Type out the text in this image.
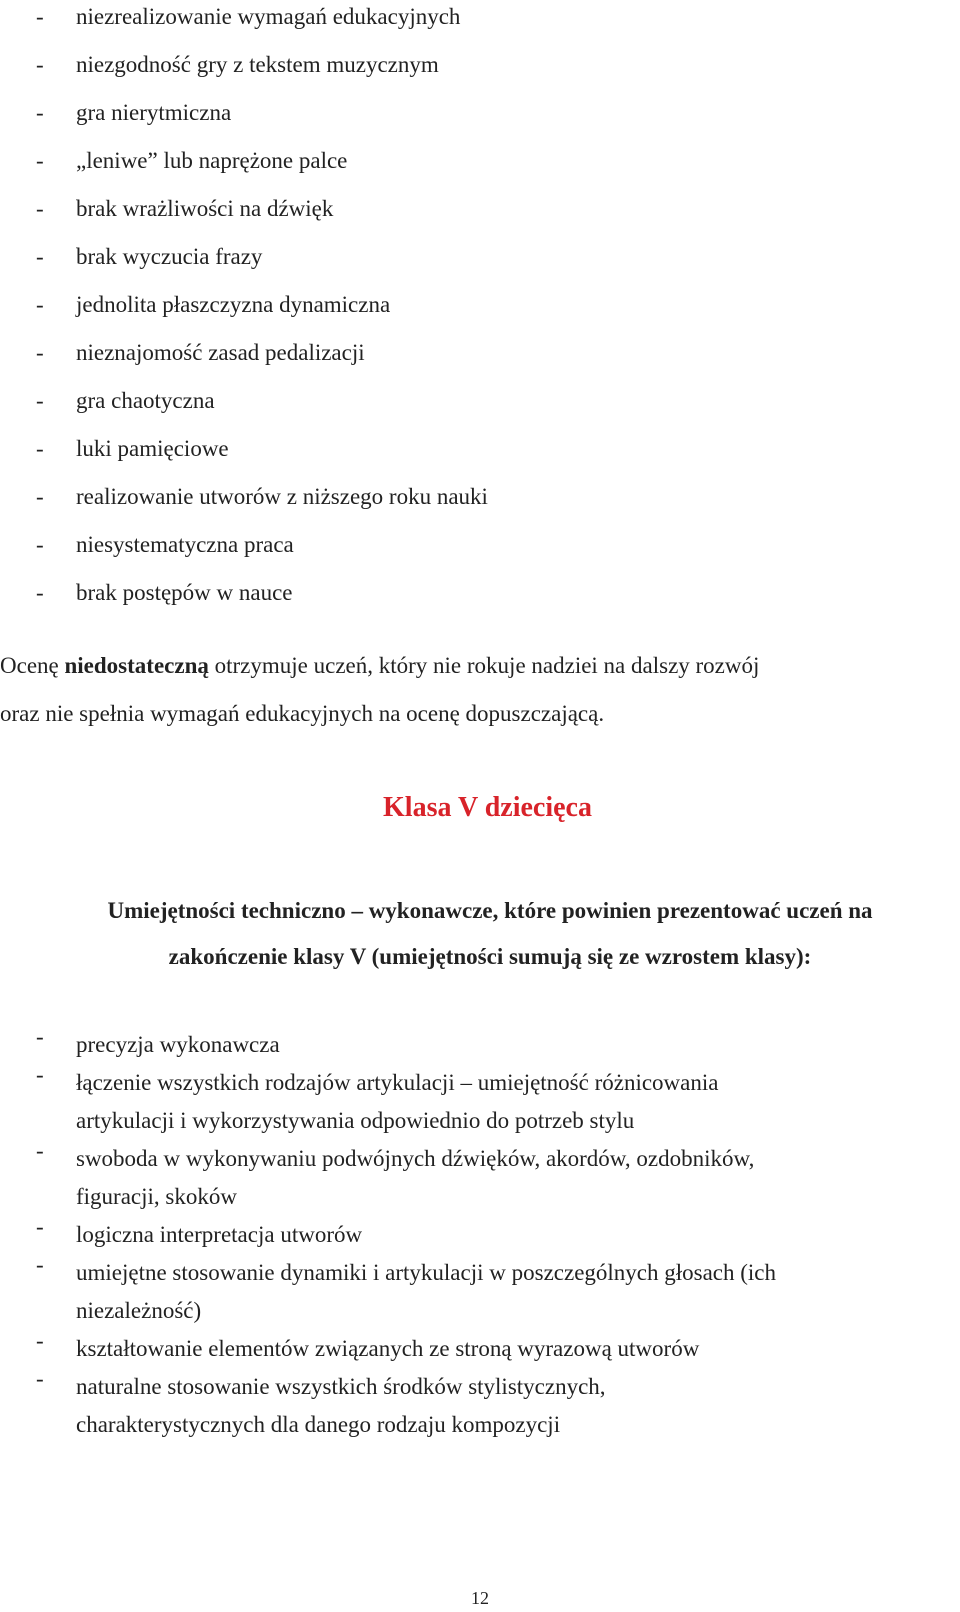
- niezrealizowanie wymagań edukacyjnych
- niezgodność gry z tekstem muzycznym
- gra nierytmiczna
- „leniwe” lub naprężone palce
- brak wrażliwości na dźwięk
- brak wyczucia frazy
- jednolita płaszczyzna dynamiczna
- nieznajomość zasad pedalizacji
- gra chaotyczna
- luki pamięciowe
- realizowanie utworów z niższego roku nauki
- niesystematyczna praca
- brak postępów w nauce
Ocenę niedostateczną otrzymuje uczeń, który nie rokuje nadziei na dalszy rozwój
oraz nie spełnia wymagań edukacyjnych na ocenę dopuszczającą.
Klasa V dziecięca
Umiejętności techniczno – wykonawcze, które powinien prezentować uczeń na
zakończenie klasy V (umiejętności sumują się ze wzrostem klasy):
- precyzja wykonawcza
- łączenie wszystkich rodzajów artykulacji – umiejętność różnicowania
artykulacji i wykorzystywania odpowiednio do potrzeb stylu
- swoboda w wykonywaniu podwójnych dźwięków, akordów, ozdobników,
figuracji, skoków
- logiczna interpretacja utworów
- umiejętne stosowanie dynamiki i artykulacji w poszczególnych głosach (ich
niezależność)
- kształtowanie elementów związanych ze stroną wyrazową utworów
- naturalne stosowanie wszystkich środków stylistycznych,
charakterystycznych dla danego rodzaju kompozycji
12
